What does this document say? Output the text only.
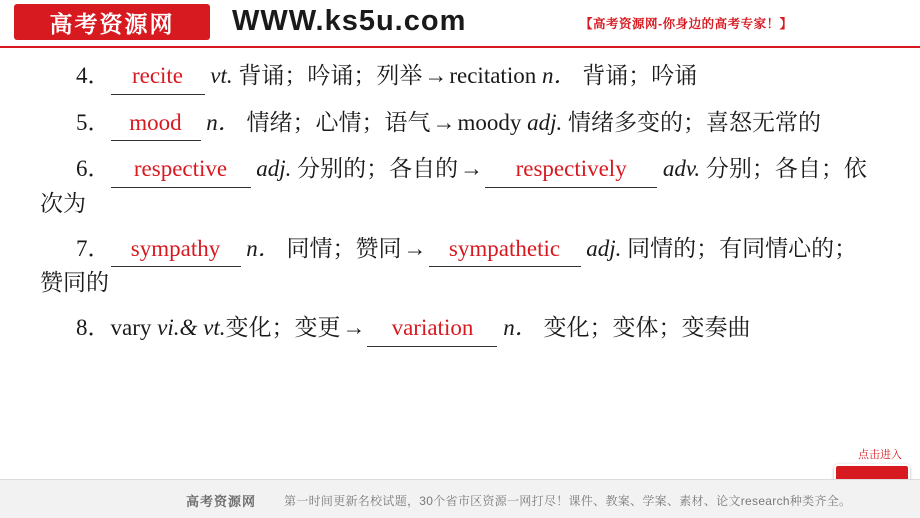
高考资源网	WWW.ks5u.com	【高考资源网-你身边的高考专家！】

4． recite vt. 背诵；吟诵；列举→recitation n． 背诵；吟诵

5． mood n． 情绪；心情；语气→moody adj. 情绪多变的；喜怒无常的

6． respective adj. 分别的；各自的→ respectively adv. 分别；各自；依次为

7． sympathy n． 同情；赞同→ sympathetic adj. 同情的；有同情心的；赞同的

8．vary vi.& vt.变化；变更→ variation n． 变化；变体；变奏曲

点击进入
高考资源网 第一时间更新名校试题，30个省市区资源一网打尽！课件、教案、学案、素材、论文research种类齐全。
